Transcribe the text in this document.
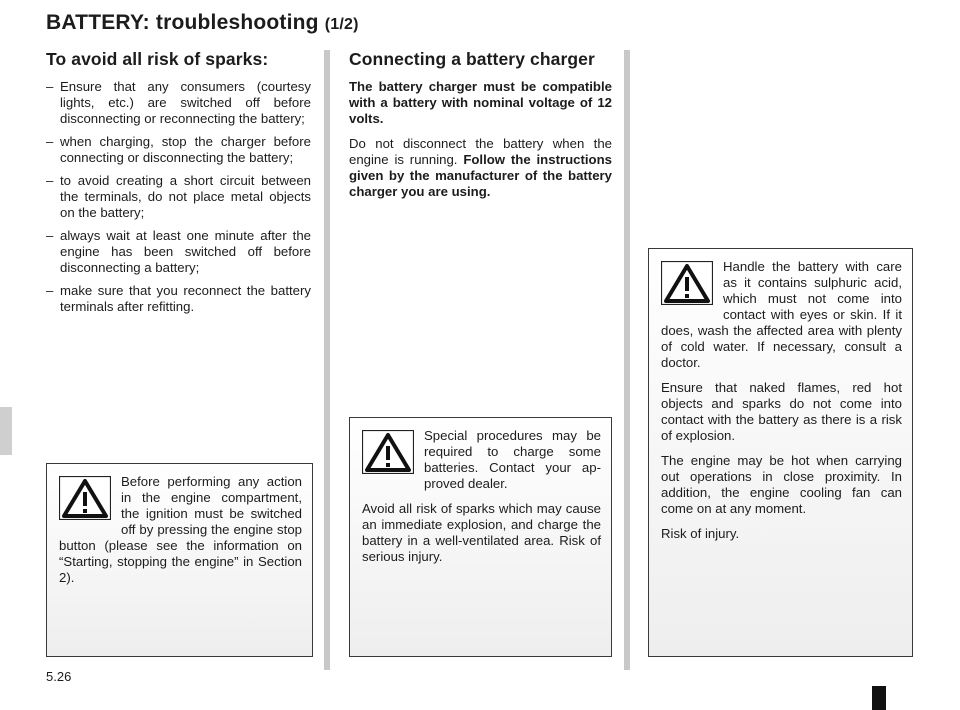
BATTERY: troubleshooting (1/2)
To avoid all risk of sparks:
– Ensure that any consumers (courtesy lights, etc.) are switched off before disconnecting or reconnecting the battery;
– when charging, stop the charger before connecting or disconnecting the battery;
– to avoid creating a short circuit between the terminals, do not place metal objects on the battery;
– always wait at least one minute after the engine has been switched off before disconnecting a battery;
– make sure that you reconnect the battery terminals after refitting.
Connecting a battery charger

The battery charger must be compatible with a battery with nominal voltage of 12 volts.

Do not disconnect the battery when the engine is running. Follow the instructions given by the manufacturer of the battery charger you are using.

Before performing any action in the engine compartment, the ignition must be switched off by pressing the engine stop button (please see the information on “Starting, stopping the engine” in Section 2).

Special procedures may be required to charge some batteries. Contact your approved dealer.

Avoid all risk of sparks which may cause an immediate explosion, and charge the battery in a well-ventilated area. Risk of serious injury.

Handle the battery with care as it contains sulphuric acid, which must not come into contact with eyes or skin. If it does, wash the affected area with plenty of cold water. If necessary, consult a doctor.

Ensure that naked flames, red hot objects and sparks do not come into contact with the battery as there is a risk of explosion.

The engine may be hot when carrying out operations in close proximity. In addition, the engine cooling fan can come on at any moment.

Risk of injury.

5.26
